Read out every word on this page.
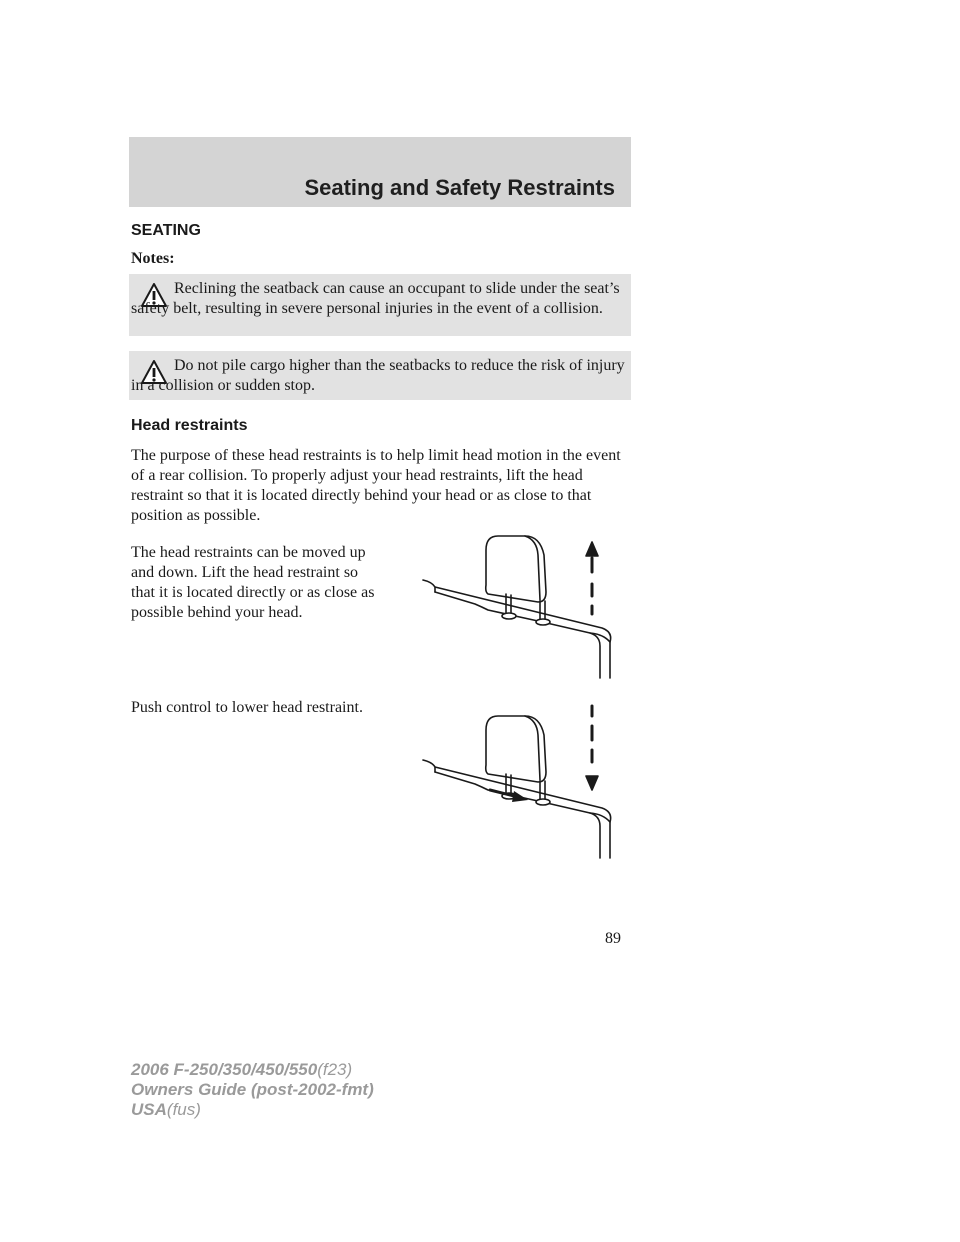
Seating and Safety Restraints
SEATING

Notes:

Reclining the seatback can cause an occupant to slide under the seat’s safety belt, resulting in severe personal injuries in the event of a collision.

Do not pile cargo higher than the seatbacks to reduce the risk of injury in a collision or sudden stop.

Head restraints

The purpose of these head restraints is to help limit head motion in the event of a rear collision. To properly adjust your head restraints, lift the head restraint so that it is located directly behind your head or as close to that position as possible.

The head restraints can be moved up and down. Lift the head restraint so that it is located directly or as close as possible behind your head.

Push control to lower head restraint.

89
2006 F-250/350/450/550(f23)
Owners Guide (post-2002-fmt)
USA(fus)
